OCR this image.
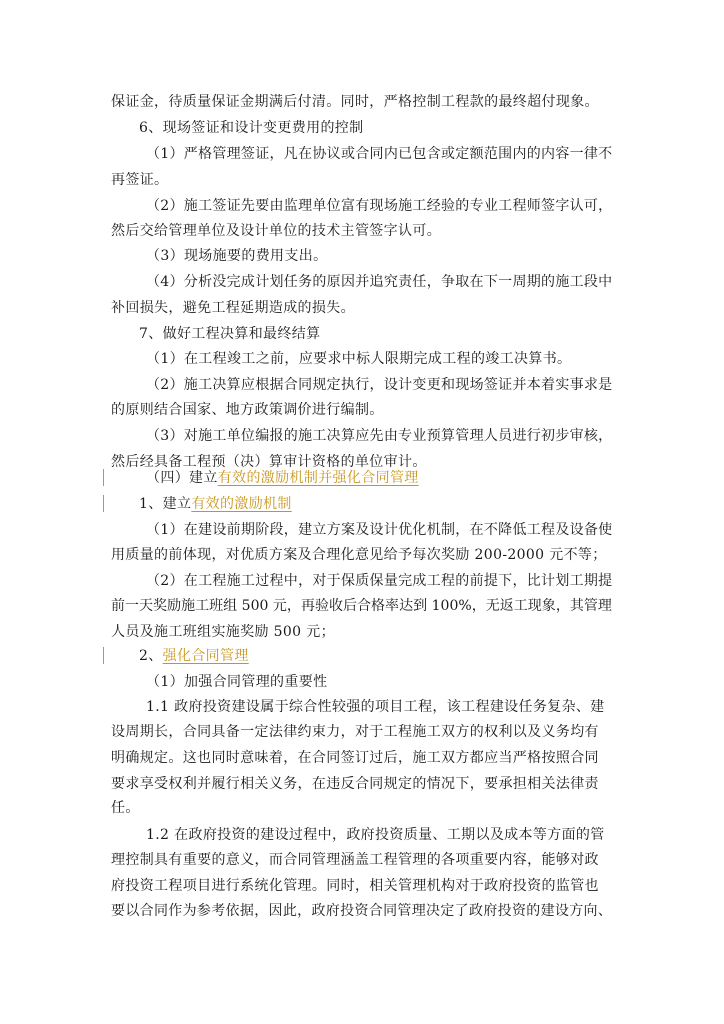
保证金，待质量保证金期满后付清。同时，严格控制工程款的最终超付现象。
6、现场签证和设计变更费用的控制
（1）严格管理签证，凡在协议或合同内已包含或定额范围内的内容一律不
再签证。
（2）施工签证先要由监理单位富有现场施工经验的专业工程师签字认可，
然后交给管理单位及设计单位的技术主管签字认可。
（3）现场施要的费用支出。
（4）分析没完成计划任务的原因并追究责任，争取在下一周期的施工段中
补回损失，避免工程延期造成的损失。
7、做好工程决算和最终结算
（1）在工程竣工之前，应要求中标人限期完成工程的竣工决算书。
（2）施工决算应根据合同规定执行，设计变更和现场签证并本着实事求是
的原则结合国家、地方政策调价进行编制。
（3）对施工单位编报的施工决算应先由专业预算管理人员进行初步审核，
然后经具备工程预（决）算审计资格的单位审计。
（四）建立有效的激励机制并强化合同管理
1、建立有效的激励机制
（1）在建设前期阶段，建立方案及设计优化机制，在不降低工程及设备使
用质量的前体现，对优质方案及合理化意见给予每次奖励 200-2000 元不等；
（2）在工程施工过程中，对于保质保量完成工程的前提下，比计划工期提
前一天奖励施工班组 500 元，再验收后合格率达到 100%，无返工现象，其管理
人员及施工班组实施奖励 500 元；
2、强化合同管理
（1）加强合同管理的重要性
1.1 政府投资建设属于综合性较强的项目工程，该工程建设任务复杂、建
设周期长，合同具备一定法律约束力，对于工程施工双方的权利以及义务均有
明确规定。这也同时意味着，在合同签订过后，施工双方都应当严格按照合同
要求享受权利并履行相关义务，在违反合同规定的情况下，要承担相关法律责
任。
1.2 在政府投资的建设过程中，政府投资质量、工期以及成本等方面的管
理控制具有重要的意义，而合同管理涵盖工程管理的各项重要内容，能够对政
府投资工程项目进行系统化管理。同时，相关管理机构对于政府投资的监管也
要以合同作为参考依据，因此，政府投资合同管理决定了政府投资的建设方向、
